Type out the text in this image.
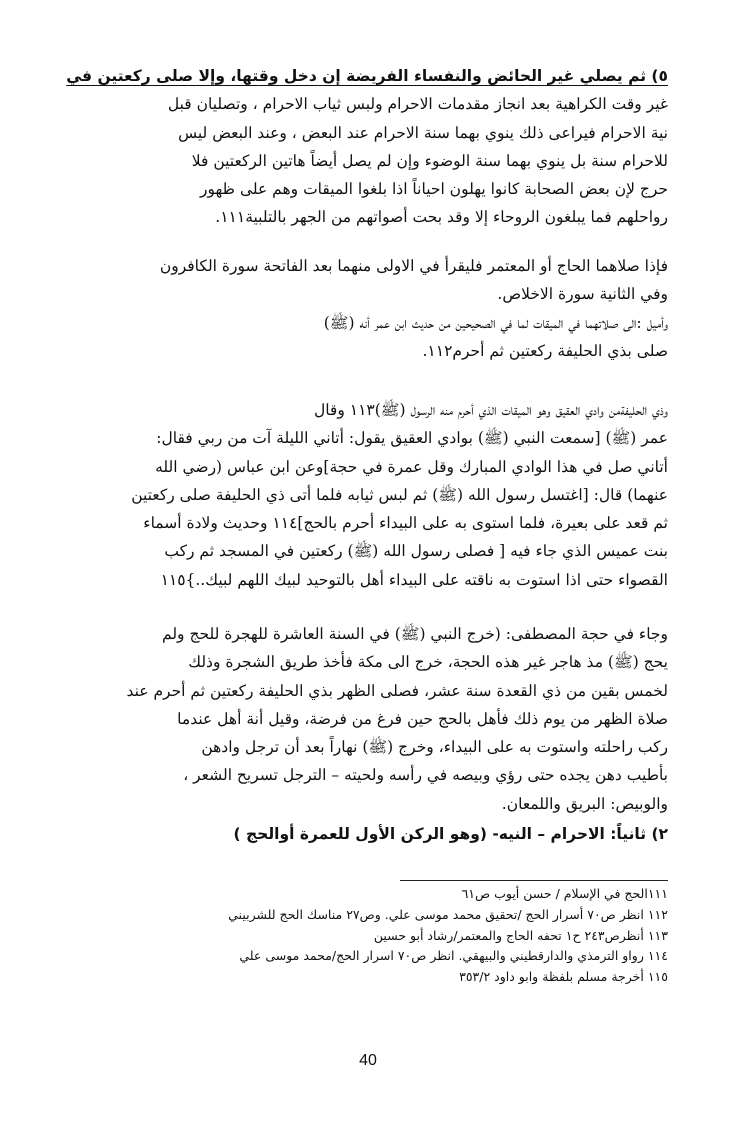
٥) ثم يصلي غير الحائض والنفساء الفريضة إن دخل وقتها، وإلا صلى ركعتين في

غير وقت الكراهية بعد انجاز مقدمات الاحرام ولبس ثياب الاحرام ، وتصليان قبل

نية الاحرام فيراعى ذلك ينوي بهما سنة الاحرام عند البعض ، وعند البعض ليس

للاحرام سنة بل ينوي بهما سنة الوضوء وإن لم يصل أيضاً هاتين الركعتين فلا

حرج لإن بعض الصحابة كانوا يهلون احياناً اذا بلغوا الميقات وهم على ظهور

رواحلهم فما يبلغون الروحاء إلا وقد بحت أصواتهم من الجهر بالتلبية١١١.

فإذا صلاهما الحاج أو المعتمر فليقرأ في الاولى منهما بعد الفاتحة سورة الكافرون

وفي الثانية سورة الاخلاص.

وأميل :الى صلاتهما في الميقات لما في الصحيحين من حديث ابن عمر أنه (ﷺ)

صلى بذي الحليفة ركعتين ثم أحرم١١٢.

وذي الحليفةمن وادي العقيق وهو الميقات الذي أحرم منه الرسول (ﷺ)١١٣ وقال

عمر (ﷺ) [سمعت النبي (ﷺ) بوادي العقيق يقول: أتاني الليلة آت من ربي فقال:

أتاني صل في هذا الوادي المبارك وقل عمرة في حجة]وعن ابن عباس (رضي الله

عنهما) قال: [اغتسل رسول الله (ﷺ) ثم لبس ثيابه فلما أتى ذي الحليفة صلى ركعتين

ثم قعد على بعيرة، فلما استوى به على البيداء أحرم بالحج]١١٤ وحديث ولادة أسماء

بنت عميس الذي جاء فيه [ فصلى رسول الله (ﷺ) ركعتين في المسجد ثم ركب

القصواء حتى اذا استوت به ناقته على البيداء أهل بالتوحيد لبيك اللهم لبيك..}١١٥

وجاء في حجة المصطفى: (خرج النبي (ﷺ) في السنة العاشرة للهجرة للحج ولم

يحج (ﷺ) مذ هاجر غير هذه الحجة، خرج الى مكة فأخذ طريق الشجرة وذلك

لخمس بقين من ذي القعدة سنة عشر، فصلى الظهر بذي الحليفة ركعتين ثم أحرم عند

صلاة الظهر من يوم ذلك فأهل بالحج حين فرغ من فرضة، وقيل أنة أهل عندما

ركب راحلته واستوت به على البيداء، وخرج (ﷺ) نهاراً بعد أن ترجل وادهن

بأطيب دهن يجده حتى رؤي وبيصه في رأسه ولحيته – الترجل تسريح الشعر ،

والوبيص: البريق واللمعان.

٢) ثانياً: الاحرام – النيه- (وهو الركن الأول للعمرة أوالحج )
١١١الحج في الإسلام / حسن أيوب ص٦١
١١٢ انظر ص٧٠ أسرار الحج /تحقيق محمد موسى علي. وص٢٧ مناسك الحج للشربيني
١١٣ أنظرص٢٤٣ ح١ تحفه الحاج والمعتمر/رشاد أبو حسين
١١٤ رواو الترمذي والدارقطيني والبيهقي. انظر ص٧٠ اسرار الحج/محمد موسى علي
١١٥ أخرجة مسلم بلفظة وابو داود ٣٥٣/٢
40
